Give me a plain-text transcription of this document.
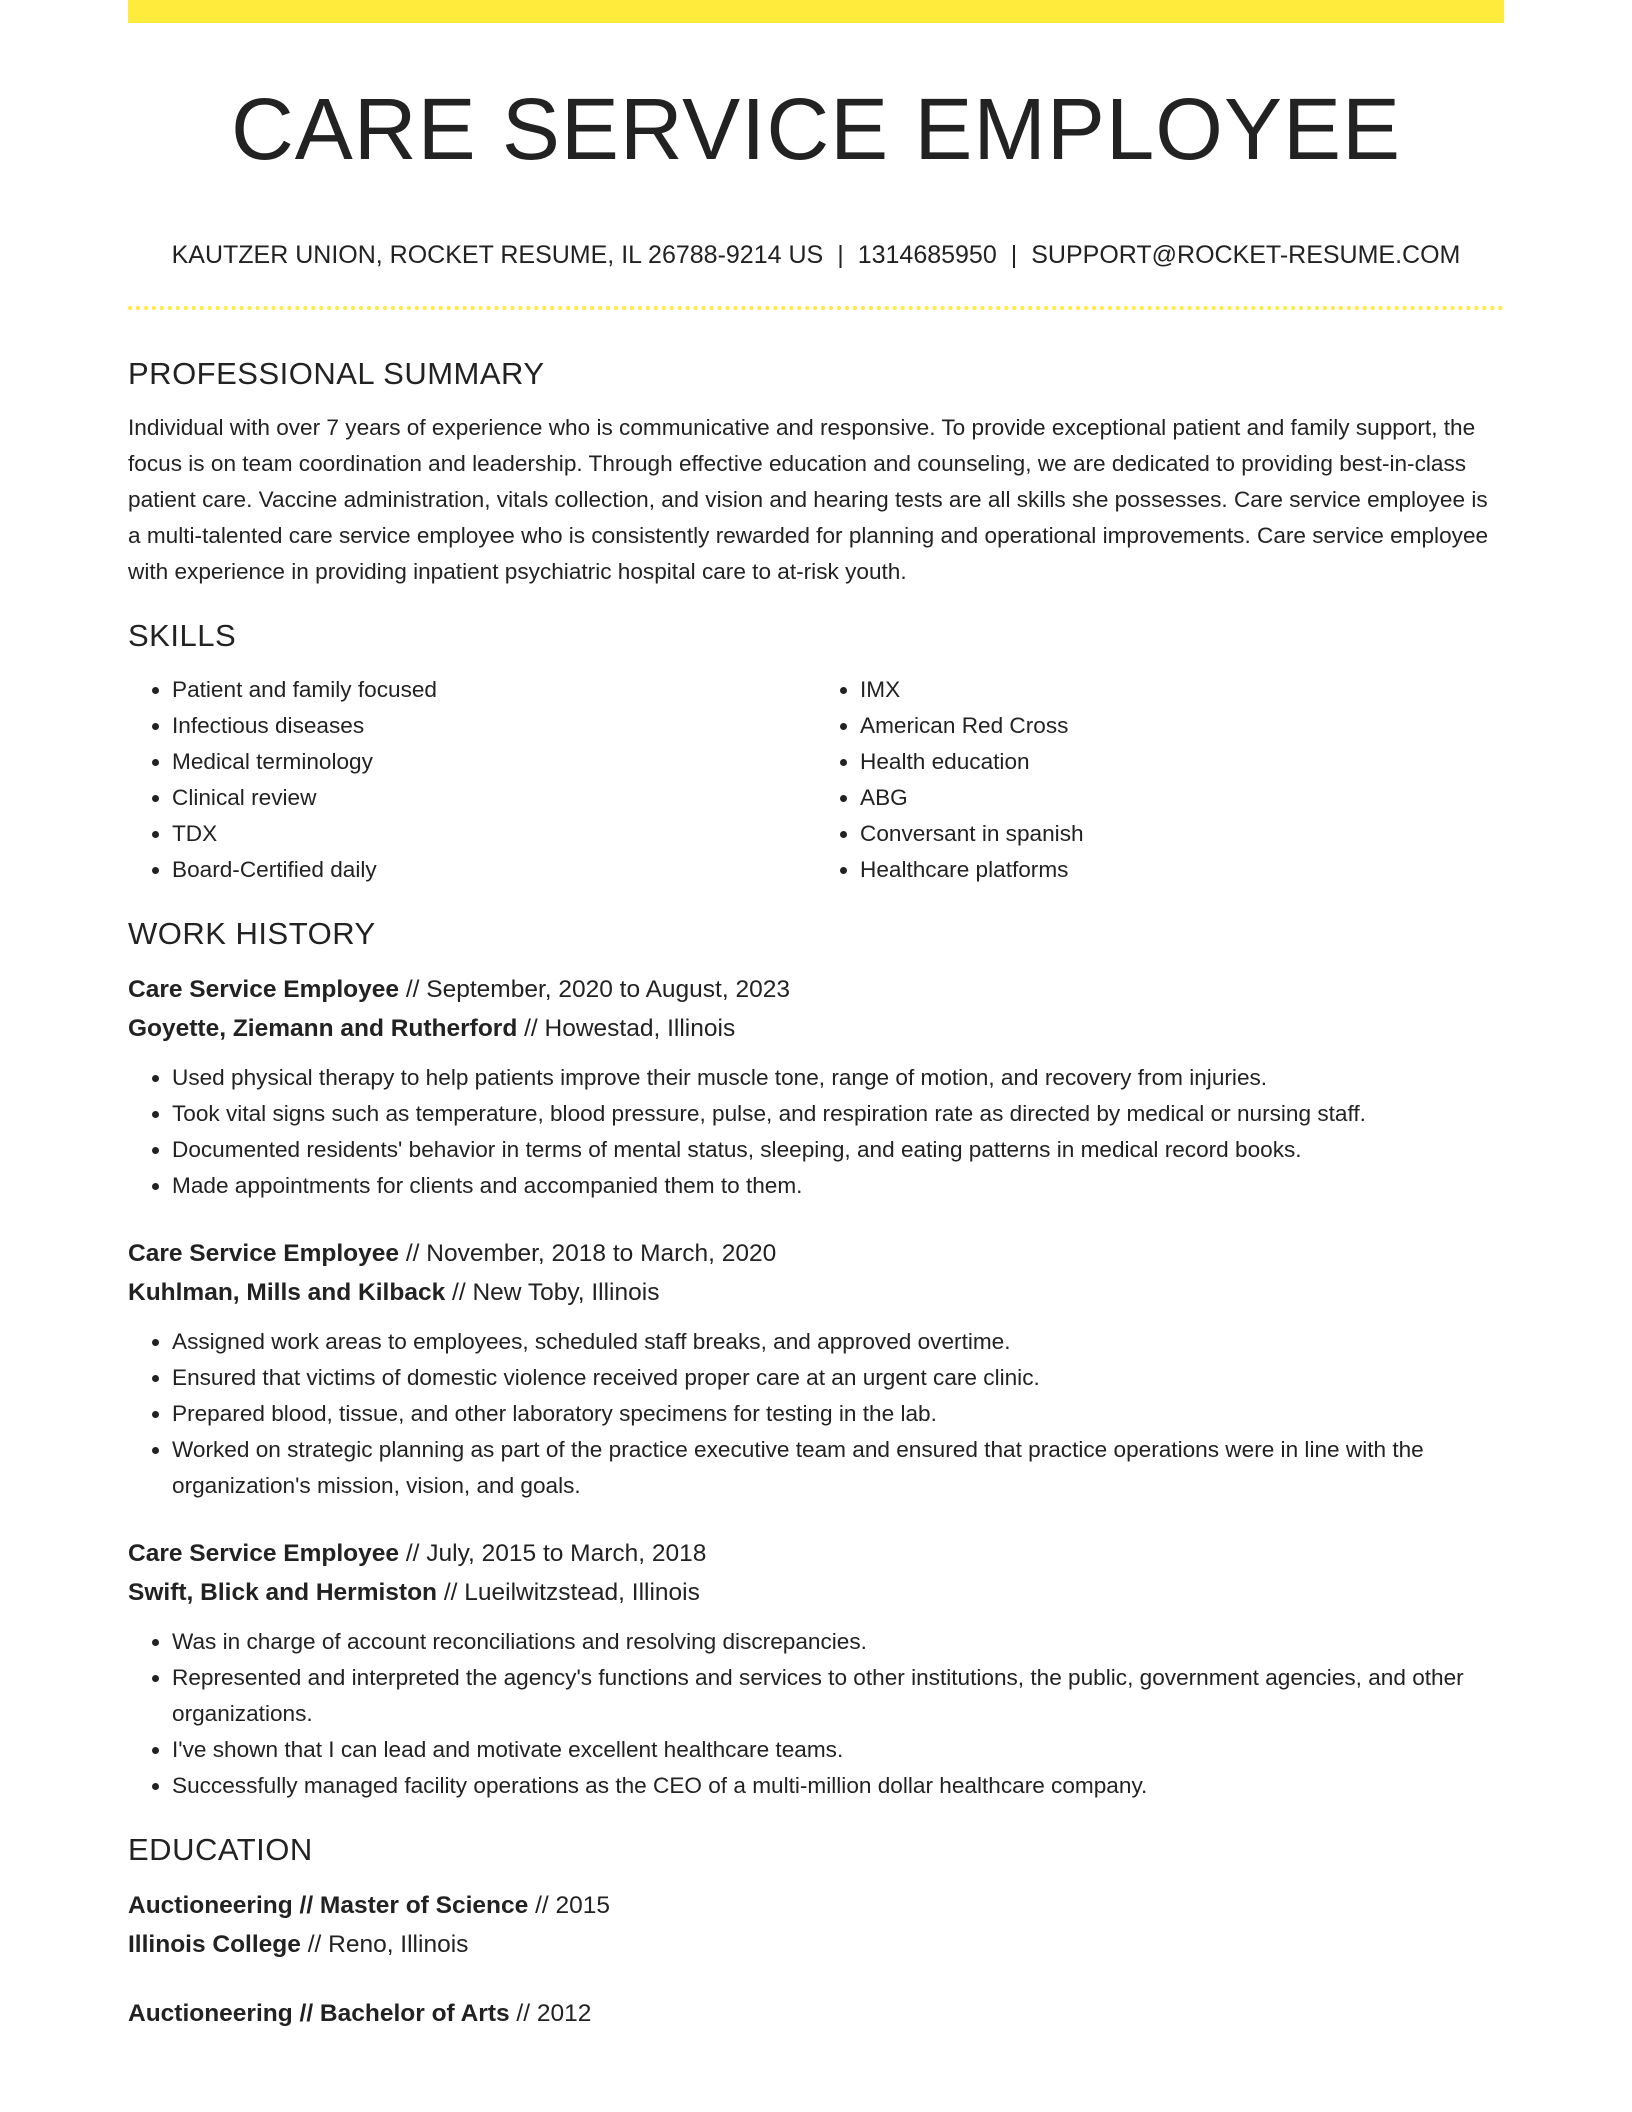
CARE SERVICE EMPLOYEE
KAUTZER UNION, ROCKET RESUME, IL 26788-9214 US | 1314685950 | SUPPORT@ROCKET-RESUME.COM
PROFESSIONAL SUMMARY

Individual with over 7 years of experience who is communicative and responsive. To provide exceptional patient and family support, the focus is on team coordination and leadership. Through effective education and counseling, we are dedicated to providing best-in-class patient care. Vaccine administration, vitals collection, and vision and hearing tests are all skills she possesses. Care service employee is a multi-talented care service employee who is consistently rewarded for planning and operational improvements. Care service employee with experience in providing inpatient psychiatric hospital care to at-risk youth.

SKILLS
• Patient and family focused
• Infectious diseases
• Medical terminology
• Clinical review
• TDX
• Board-Certified daily
• IMX
• American Red Cross
• Health education
• ABG
• Conversant in spanish
• Healthcare platforms
WORK HISTORY
Care Service Employee // September, 2020 to August, 2023
Goyette, Ziemann and Rutherford // Howestad, Illinois
• Used physical therapy to help patients improve their muscle tone, range of motion, and recovery from injuries.
• Took vital signs such as temperature, blood pressure, pulse, and respiration rate as directed by medical or nursing staff.
• Documented residents' behavior in terms of mental status, sleeping, and eating patterns in medical record books.
• Made appointments for clients and accompanied them to them.
Care Service Employee // November, 2018 to March, 2020
Kuhlman, Mills and Kilback // New Toby, Illinois
• Assigned work areas to employees, scheduled staff breaks, and approved overtime.
• Ensured that victims of domestic violence received proper care at an urgent care clinic.
• Prepared blood, tissue, and other laboratory specimens for testing in the lab.
• Worked on strategic planning as part of the practice executive team and ensured that practice operations were in line with the organization's mission, vision, and goals.
Care Service Employee // July, 2015 to March, 2018
Swift, Blick and Hermiston // Lueilwitzstead, Illinois
• Was in charge of account reconciliations and resolving discrepancies.
• Represented and interpreted the agency's functions and services to other institutions, the public, government agencies, and other organizations.
• I've shown that I can lead and motivate excellent healthcare teams.
• Successfully managed facility operations as the CEO of a multi-million dollar healthcare company.
EDUCATION
Auctioneering // Master of Science // 2015
Illinois College // Reno, Illinois
Auctioneering // Bachelor of Arts // 2012
